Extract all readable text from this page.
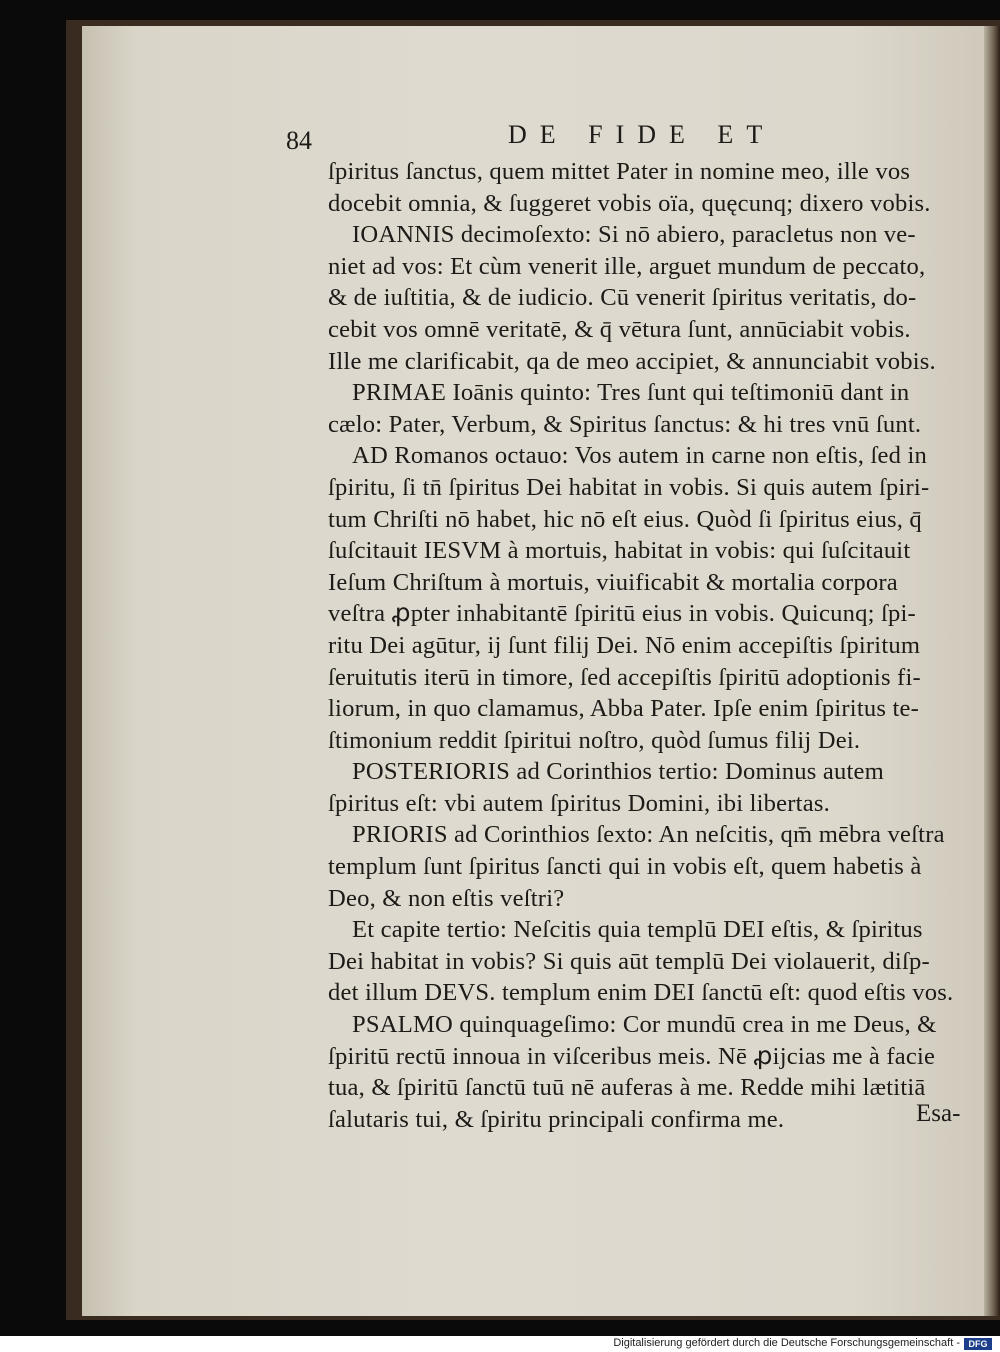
84	DE FIDE ET
ſpiritus ſanctus, quem mittet Pater in nomine meo, ille vos
docebit omnia, & ſuggeret vobis oïa, quęcunq; dixero vobis.
IOANNIS decimoſexto: Si nō abiero, paracletus non ve-
niet ad vos: Et cùm venerit ille, arguet mundum de peccato,
& de iuſtitia, & de iudicio. Cū venerit ſpiritus veritatis, do-
cebit vos omnē veritatē, & q̄ vētura ſunt, annūciabit vobis.
Ille me clarificabit, qa de meo accipiet, & annunciabit vobis.
PRIMAE Ioānis quinto: Tres ſunt qui teſtimoniū dant in
cælo: Pater, Verbum, & Spiritus ſanctus: & hi tres vnū ſunt.
AD Romanos octauo: Vos autem in carne non eſtis, ſed in
ſpiritu, ſi tn̄ ſpiritus Dei habitat in vobis. Si quis autem ſpiri-
tum Chriſti nō habet, hic nō eſt eius. Quòd ſi ſpiritus eius, q̄
ſuſcitauit IESVM à mortuis, habitat in vobis: qui ſuſcitauit
Ieſum Chriſtum à mortuis, viuificabit & mortalia corpora
veſtra ꝓpter inhabitantē ſpiritū eius in vobis. Quicunq; ſpi-
ritu Dei agūtur, ij ſunt filij Dei. Nō enim accepiſtis ſpiritum
ſeruitutis iterū in timore, ſed accepiſtis ſpiritū adoptionis fi-
liorum, in quo clamamus, Abba Pater. Ipſe enim ſpiritus te-
ſtimonium reddit ſpiritui noſtro, quòd ſumus filij Dei.
POSTERIORIS ad Corinthios tertio: Dominus autem
ſpiritus eſt: vbi autem ſpiritus Domini, ibi libertas.
PRIORIS ad Corinthios ſexto: An neſcitis, qm̄ mēbra veſtra
templum ſunt ſpiritus ſancti qui in vobis eſt, quem habetis à
Deo, & non eſtis veſtri?
Et capite tertio: Neſcitis quia templū DEI eſtis, & ſpiritus
Dei habitat in vobis? Si quis aūt templū Dei violauerit, diſp-
det illum DEVS. templum enim DEI ſanctū eſt: quod eſtis vos.
PSALMO quinquageſimo: Cor mundū crea in me Deus, &
ſpiritū rectū innoua in viſceribus meis. Nē ꝓijcias me à facie
tua, & ſpiritū ſanctū tuū nē auferas à me. Redde mihi lætitiā
ſalutaris tui, & ſpiritu principali confirma me.	Esa-
Digitalisierung gefördert durch die Deutsche Forschungsgemeinschaft - DFG
